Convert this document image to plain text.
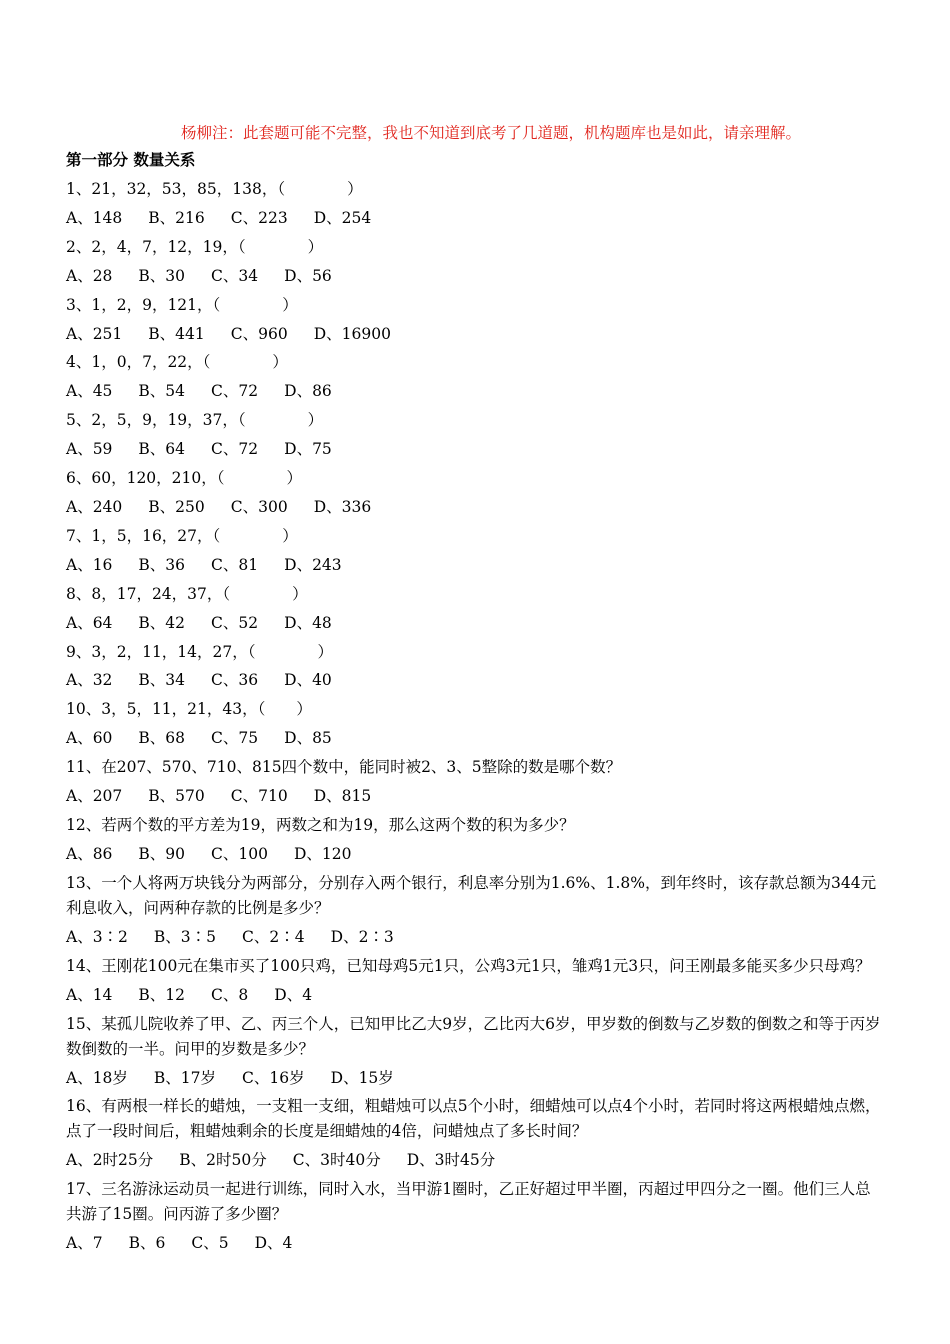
杨柳注：此套题可能不完整，我也不知道到底考了几道题，机构题库也是如此，请亲理解。
第一部分 数量关系
1、21，32，53，85，138，（　　　　）
A、148 B、216 C、223 D、254
2、2，4，7，12，19，（　　　　）
A、28 B、30 C、34 D、56
3、1，2，9，121，（　　　　）
A、251 B、441 C、960 D、16900
4、1，0，7，22，（　　　　）
A、45 B、54 C、72 D、86
5、2，5，9，19，37，（　　　　）
A、59 B、64 C、72 D、75
6、60，120，210，（　　　　）
A、240 B、250 C、300 D、336
7、1，5，16，27，（　　　　）
A、16 B、36 C、81 D、243
8、8，17，24，37，（　　　　）
A、64 B、42 C、52 D、48
9、3，2，11，14，27，（　　　　）
A、32 B、34 C、36 D、40
10、3，5，11，21，43，（　　）
A、60 B、68 C、75 D、85
11、在207、570、710、815四个数中，能同时被2、3、5整除的数是哪个数？
A、207 B、570 C、710 D、815
12、若两个数的平方差为19，两数之和为19，那么这两个数的积为多少？
A、86 B、90 C、100 D、120
13、一个人将两万块钱分为两部分，分别存入两个银行，利息率分别为1.6%、1.8%，到年终时，该存款总额为344元利息收入，问两种存款的比例是多少？
A、3∶2 B、3∶5 C、2∶4 D、2∶3
14、王刚花100元在集市买了100只鸡，已知母鸡5元1只，公鸡3元1只，雏鸡1元3只，问王刚最多能买多少只母鸡？
A、14 B、12 C、8 D、4
15、某孤儿院收养了甲、乙、丙三个人，已知甲比乙大9岁，乙比丙大6岁，甲岁数的倒数与乙岁数的倒数之和等于丙岁数倒数的一半。问甲的岁数是多少？
A、18岁 B、17岁 C、16岁 D、15岁
16、有两根一样长的蜡烛，一支粗一支细，粗蜡烛可以点5个小时，细蜡烛可以点4个小时，若同时将这两根蜡烛点燃，点了一段时间后，粗蜡烛剩余的长度是细蜡烛的4倍，问蜡烛点了多长时间？
A、2时25分 B、2时50分 C、3时40分 D、3时45分
17、三名游泳运动员一起进行训练，同时入水，当甲游1圈时，乙正好超过甲半圈，丙超过甲四分之一圈。他们三人总共游了15圈。问丙游了多少圈？
A、7 B、6 C、5 D、4
